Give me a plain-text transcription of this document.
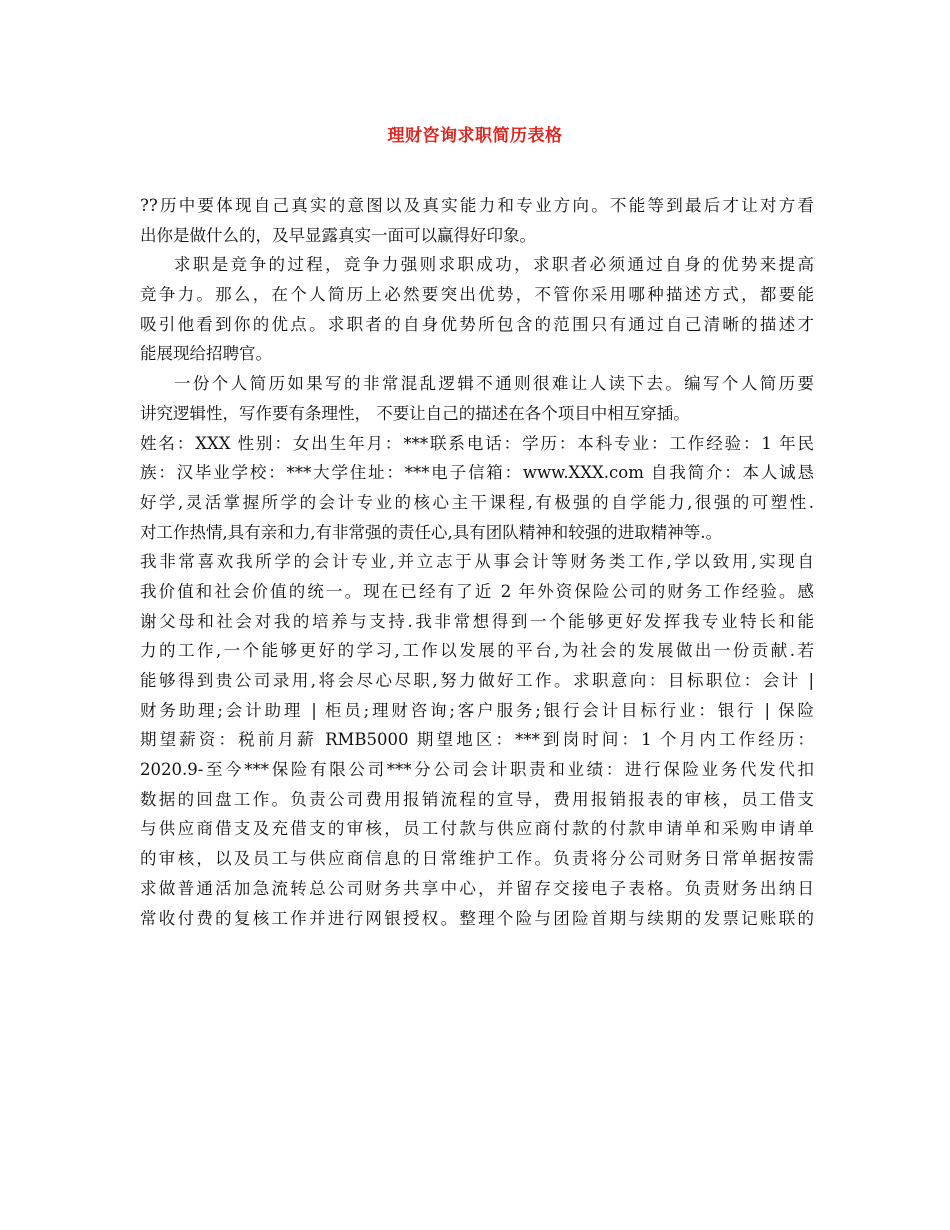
理财咨询求职简历表格
??历中要体现自己真实的意图以及真实能力和专业方向。不能等到最后才让对方看
出你是做什么的，及早显露真实一面可以赢得好印象。
求职是竞争的过程，竞争力强则求职成功，求职者必须通过自身的优势来提高
竞争力。那么，在个人简历上必然要突出优势，不管你采用哪种描述方式，都要能
吸引他看到你的优点。求职者的自身优势所包含的范围只有通过自己清晰的描述才
能展现给招聘官。
一份个人简历如果写的非常混乱逻辑不通则很难让人读下去。编写个人简历要
讲究逻辑性，写作要有条理性， 不要让自己的描述在各个项目中相互穿插。
姓名：XXX 性别：女出生年月：***联系电话：学历：本科专业：工作经验：1 年民
族：汉毕业学校：***大学住址：***电子信箱：www.XXX.com 自我简介：本人诚恳
好学,灵活掌握所学的会计专业的核心主干课程,有极强的自学能力,很强的可塑性.
对工作热情,具有亲和力,有非常强的责任心,具有团队精神和较强的进取精神等.。
我非常喜欢我所学的会计专业,并立志于从事会计等财务类工作,学以致用,实现自
我价值和社会价值的统一。现在已经有了近 2 年外资保险公司的财务工作经验。感
谢父母和社会对我的培养与支持.我非常想得到一个能够更好发挥我专业特长和能
力的工作,一个能够更好的学习,工作以发展的平台,为社会的发展做出一份贡献.若
能够得到贵公司录用,将会尽心尽职,努力做好工作。求职意向：目标职位：会计 |
财务助理;会计助理 | 柜员;理财咨询;客户服务;银行会计目标行业：银行 | 保险
期望薪资：税前月薪 RMB5000 期望地区：***到岗时间：1 个月内工作经历：
2020.9-至今***保险有限公司***分公司会计职责和业绩：进行保险业务代发代扣
数据的回盘工作。负责公司费用报销流程的宣导，费用报销报表的审核，员工借支
与供应商借支及充借支的审核，员工付款与供应商付款的付款申请单和采购申请单
的审核，以及员工与供应商信息的日常维护工作。负责将分公司财务日常单据按需
求做普通活加急流转总公司财务共享中心，并留存交接电子表格。负责财务出纳日
常收付费的复核工作并进行网银授权。整理个险与团险首期与续期的发票记账联的
